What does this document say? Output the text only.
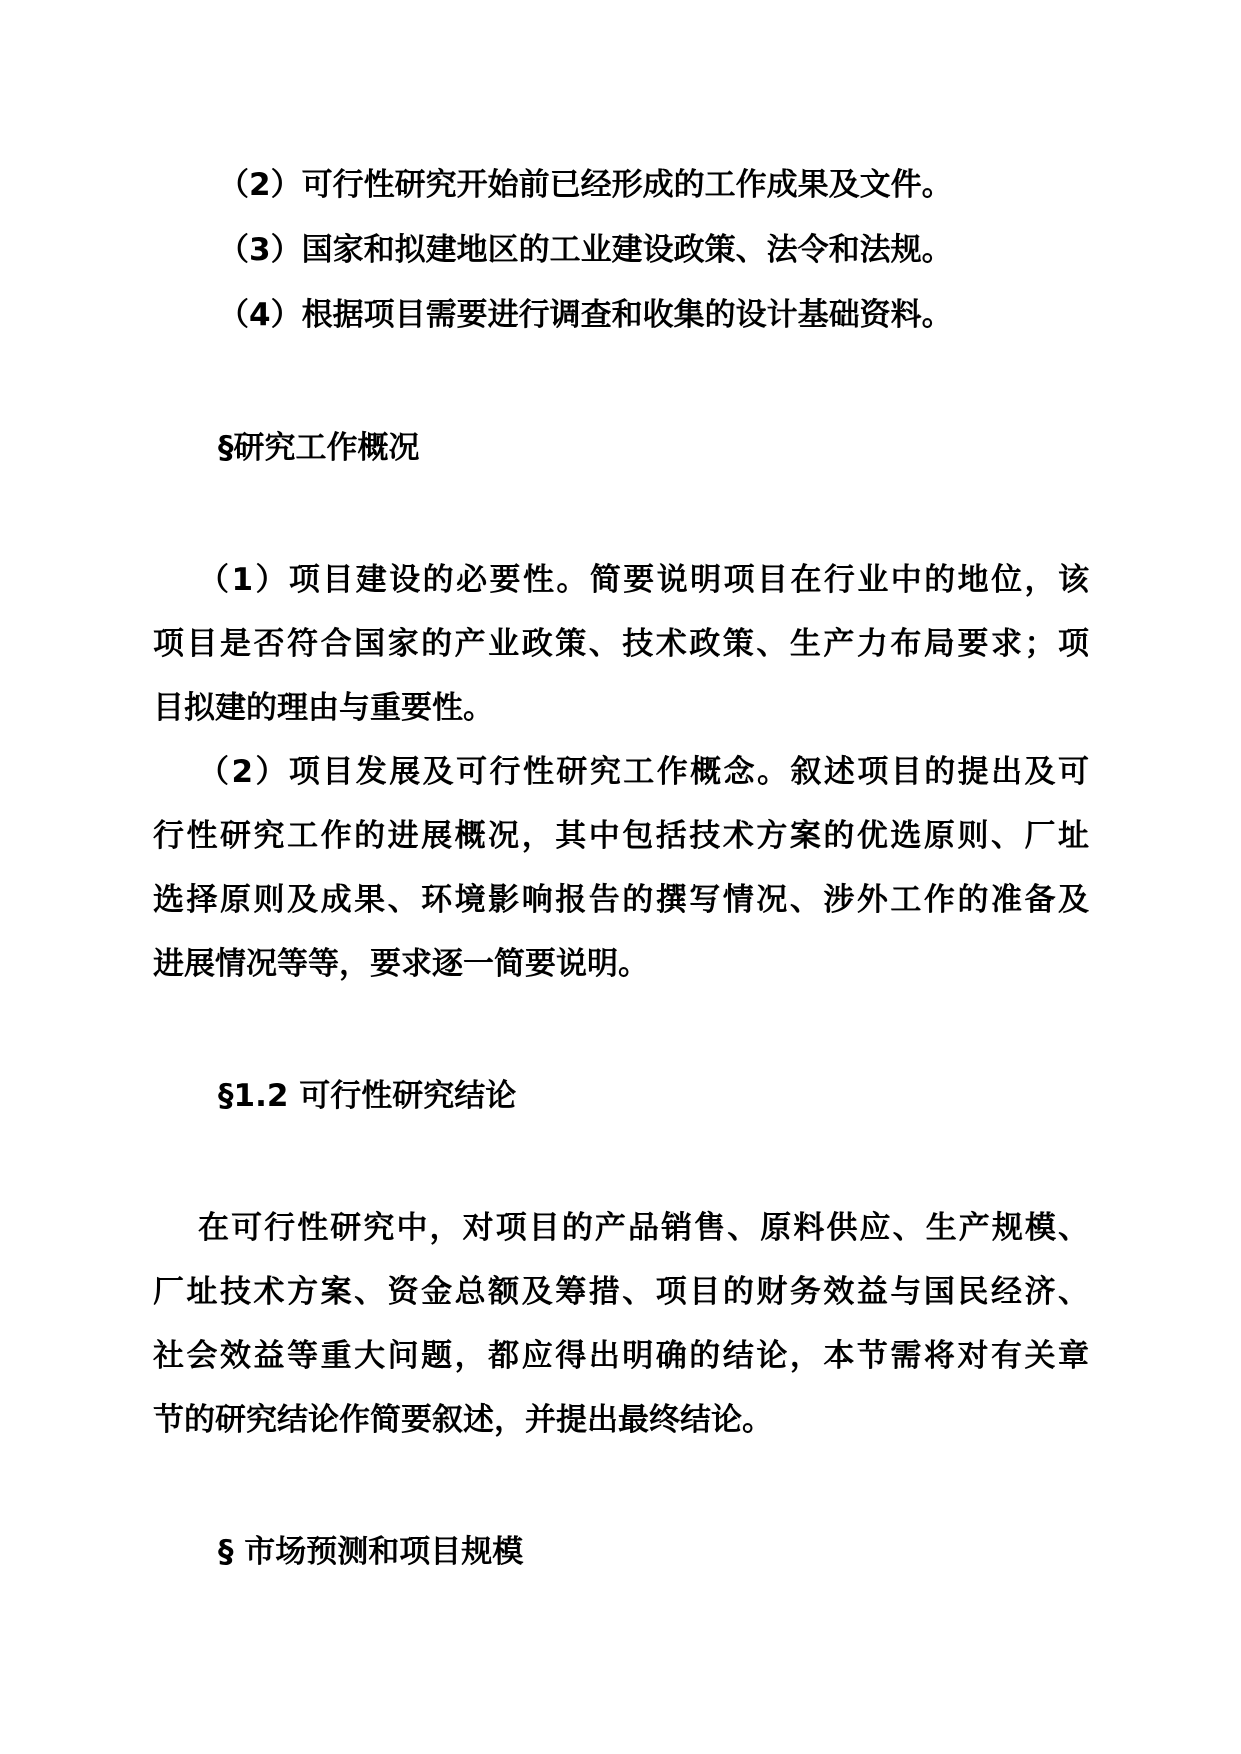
（2）可行性研究开始前已经形成的工作成果及文件。
（3）国家和拟建地区的工业建设政策、法令和法规。
（4）根据项目需要进行调查和收集的设计基础资料。
§研究工作概况
（1）项目建设的必要性。简要说明项目在行业中的地位，该
项目是否符合国家的产业政策、技术政策、生产力布局要求；项
目拟建的理由与重要性。
（2）项目发展及可行性研究工作概念。叙述项目的提出及可
行性研究工作的进展概况，其中包括技术方案的优选原则、厂址
选择原则及成果、环境影响报告的撰写情况、涉外工作的准备及
进展情况等等，要求逐一简要说明。
§1.2 可行性研究结论
在可行性研究中，对项目的产品销售、原料供应、生产规模、
厂址技术方案、资金总额及筹措、项目的财务效益与国民经济、
社会效益等重大问题，都应得出明确的结论，本节需将对有关章
节的研究结论作简要叙述，并提出最终结论。
§ 市场预测和项目规模
